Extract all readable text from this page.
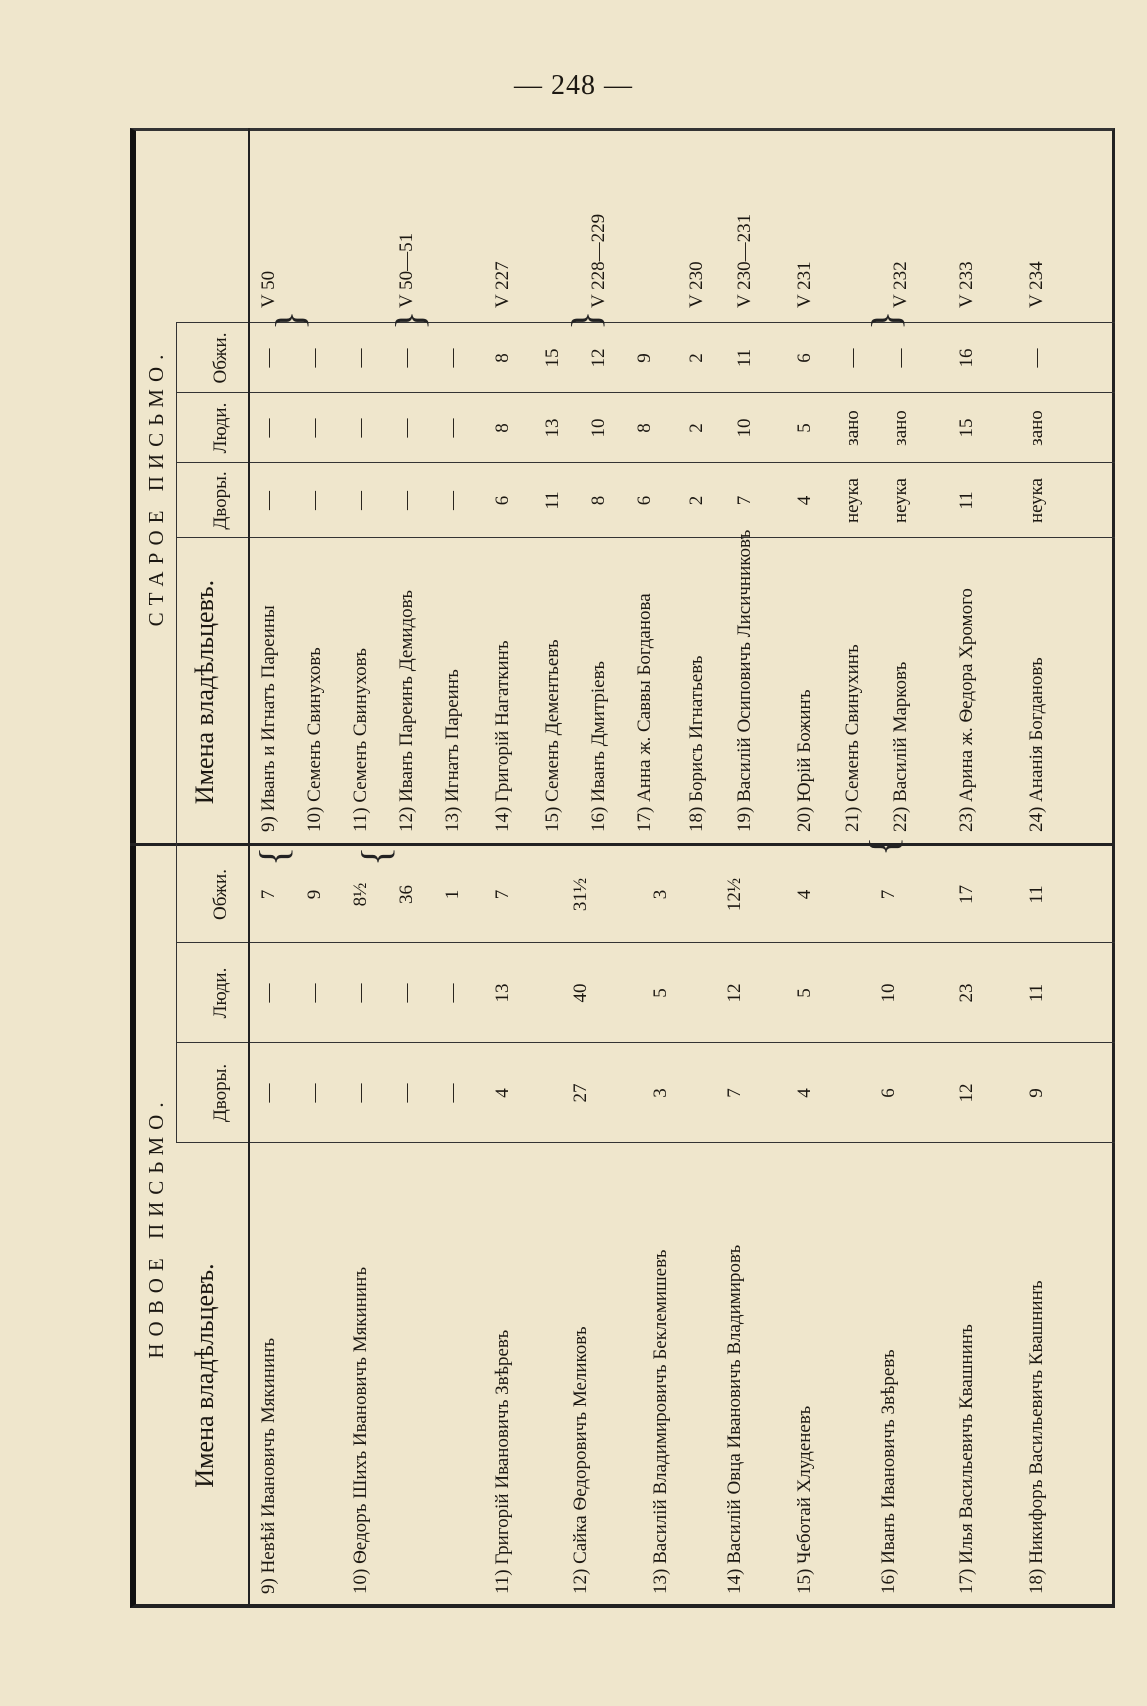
— 248 —
НОВОЕ ПИСЬМО.
СТАРОЕ ПИСЬМО.
Имена владѣльцевъ.
Дворы.
Люди.
Обжи.
Имена владѣльцевъ.
Дворы.
Люди.
Обжи.
9) Невѣй Ивановичъ Мякининъ
—
—
7
—
—
9
10) Ѳедоръ Шихъ Ивановичъ Мякининъ
—
—
8½
—
—
36
—
—
1
11) Григорій Ивановичъ Звѣревъ
4
13
7
12) Сайка Ѳедоровичъ Меликовъ
27
40
31½
13) Василій Владимировичъ Беклемишевъ
3
5
3
14) Василій Овца Ивановичъ Владимировъ
7
12
12½
15) Чеботай Хлуденевъ
4
5
4
16) Иванъ Ивановичъ Звѣревъ
6
10
7
17) Илья Васильевичъ Квашнинъ
12
23
17
18) Никифоръ Васильевичъ Квашнинъ
9
11
11
9) Иванъ и Игнатъ Пареины
—
—
—
V 50
10) Семенъ Свинуховъ
—
—
—
11) Семенъ Свинуховъ
—
—
—
12) Иванъ Пареинъ Демидовъ
—
—
—
V 50—51
13) Игнатъ Пареинъ
—
—
—
14) Григорій Нагаткинъ
6
8
8
V 227
15) Семенъ Дементьевъ
11
13
15
16) Иванъ Дмитріевъ
8
10
12
V 228—229
17) Анна ж. Саввы Богданова
6
8
9
18) Борисъ Игнатьевъ
2
2
2
V 230
19) Василій Осиповичъ Лисичниковъ
7
10
11
V 230—231
20) Юрій Божинъ
4
5
6
V 231
21) Семенъ Свинухинъ
неука
зано
—
22) Василій Марковъ
неука
зано
—
V 232
23) Арина ж. Ѳедора Хромого
11
15
16
V 233
24) Ананія Богдановъ
неука
зано
—
V 234
{ {
} }	}
{
}
